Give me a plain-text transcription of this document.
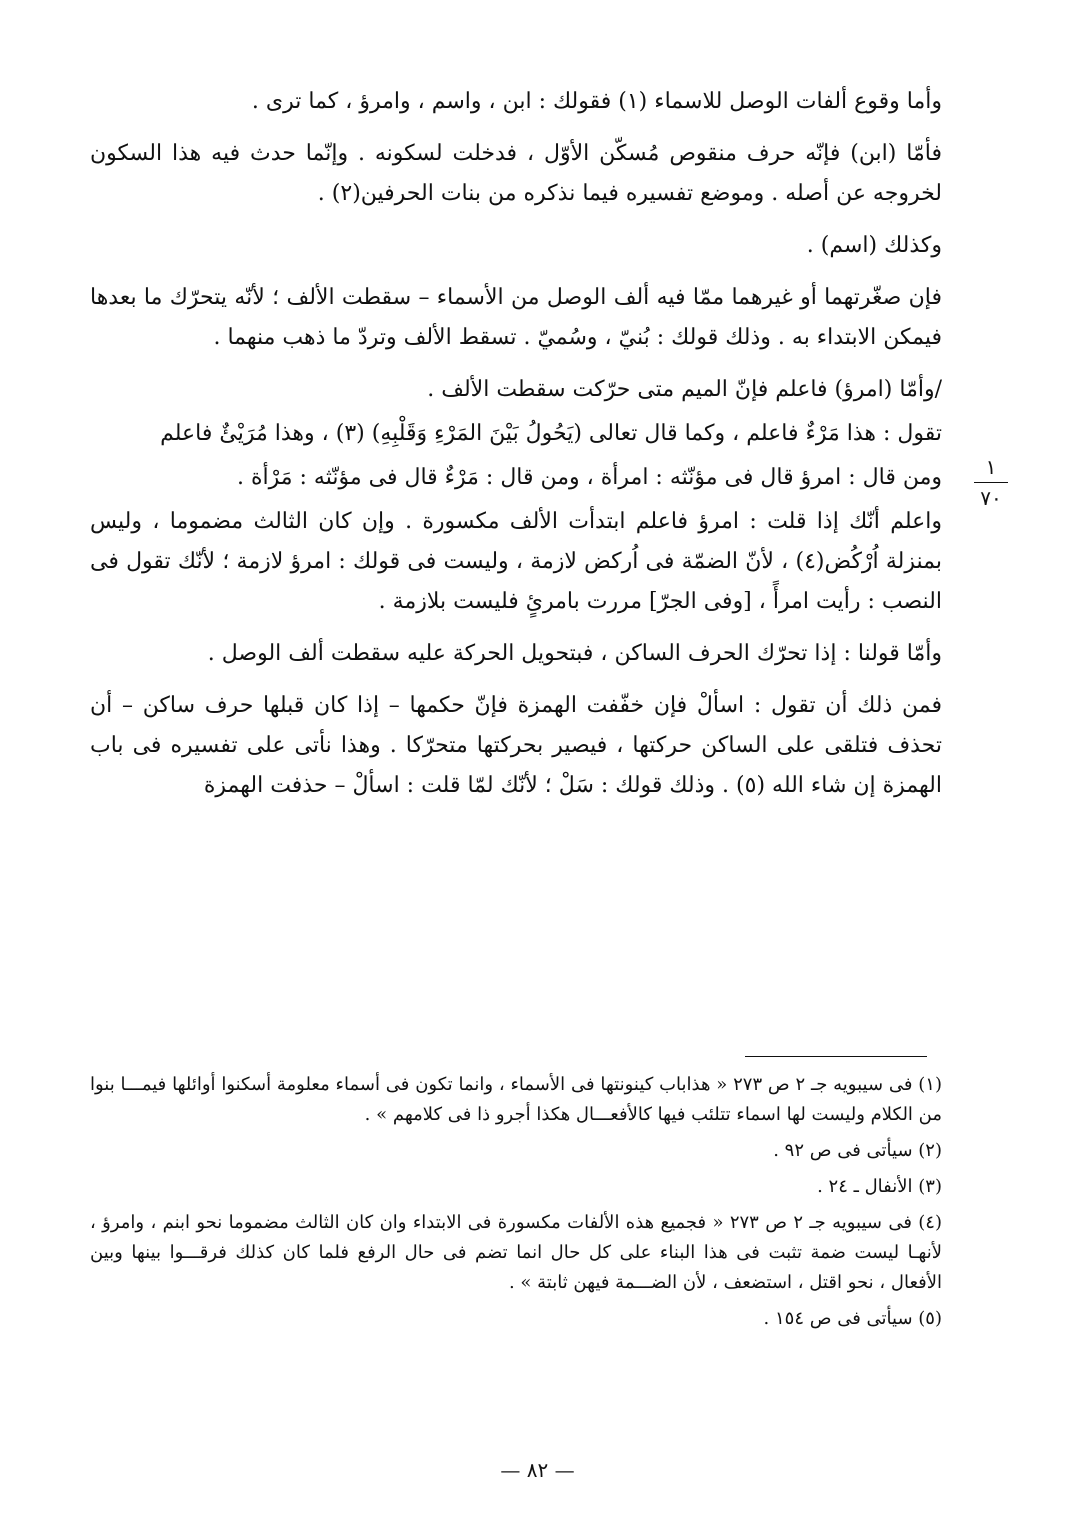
وأما وقوع ألفات الوصل للاسماء (١) فقولك : ابن ، واسم ، وامرؤ ، كما ترى .

فأمّا (ابن) فإنّه حرف منقوص مُسكّن الأوّل ، فدخلت لسكونه . وإنّما حدث فيه هذا السكون لخروجه عن أصله . وموضع تفسيره فيما نذكره من بنات الحرفين(٢) .

وكذلك (اسم) .

فإن صغّرتهما أو غيرهما ممّا فيه ألف الوصل من الأسماء – سقطت الألف ؛ لأنّه يتحرّك ما بعدها فيمكن الابتداء به . وذلك قولك : بُنيّ ، وسُميّ . تسقط الألف وتردّ ما ذهب منهما .

/وأمّا (امرؤ) فاعلم فإنّ الميم متى حرّكت سقطت الألف .

تقول : هذا مَرْءٌ فاعلم ، وكما قال تعالى (يَحُولُ بَيْنَ المَرْءِ وَقَلْبِهِ) (٣) ، وهذا مُرَيْئٌ فاعلم

ومن قال : امرؤ قال فى مؤنّثه : امرأة ، ومن قال : مَرْءٌ قال فى مؤنّثه : مَرْأة .

واعلم أنّك إذا قلت : امرؤ فاعلم ابتدأت الألف مكسورة . وإن كان الثالث مضموما ، وليس بمنزلة اُرْكُض(٤) ، لأنّ الضمّة فى اُركض لازمة ، وليست فى قولك : امرؤ لازمة ؛ لأنّك تقول فى النصب : رأيت امرأً ، [وفى الجرّ] مررت بامرئٍ فليست بلازمة .

وأمّا قولنا : إذا تحرّك الحرف الساكن ، فبتحويل الحركة عليه سقطت ألف الوصل .

فمن ذلك أن تقول : اسألْ فإن خفّفت الهمزة فإنّ حكمها – إذا كان قبلها حرف ساكن – أن تحذف فتلقى على الساكن حركتها ، فيصير بحركتها متحرّكا . وهذا نأتى على تفسيره فى باب الهمزة إن شاء الله (٥) . وذلك قولك : سَلْ ؛ لأنّك لمّا قلت : اسألْ – حذفت الهمزة

١
٧٠

(١) فى سيبويه جـ ٢ ص ٢٧٣ « هذاباب كينونتها فى الأسماء ، وانما تكون فى أسماء معلومة أسكنوا أوائلها فيمـــا بنوا من الكلام وليست لها اسماء تتلئب فيها كالأفعـــال هكذا أجرو ذا فى كلامهم » .

(٢) سيأتى فى ص ٩٢ .

(٣) الأنفال ـ ٢٤ .

(٤) فى سيبويه جـ ٢ ص ٢٧٣ « فجميع هذه الألفات مكسورة فى الابتداء وان كان الثالث مضموما نحو ابنم ، وامرؤ ، لأنهـا ليست ضمة تثبت فى هذا البناء على كل حال انما تضم فى حال الرفع فلما كان كذلك فرقـــوا بينها وبين الأفعال ، نحو اقتل ، استضعف ، لأن الضـــمة فيهن ثابتة » .

(٥) سيأتى فى ص ١٥٤ .

— ٨٢ —
